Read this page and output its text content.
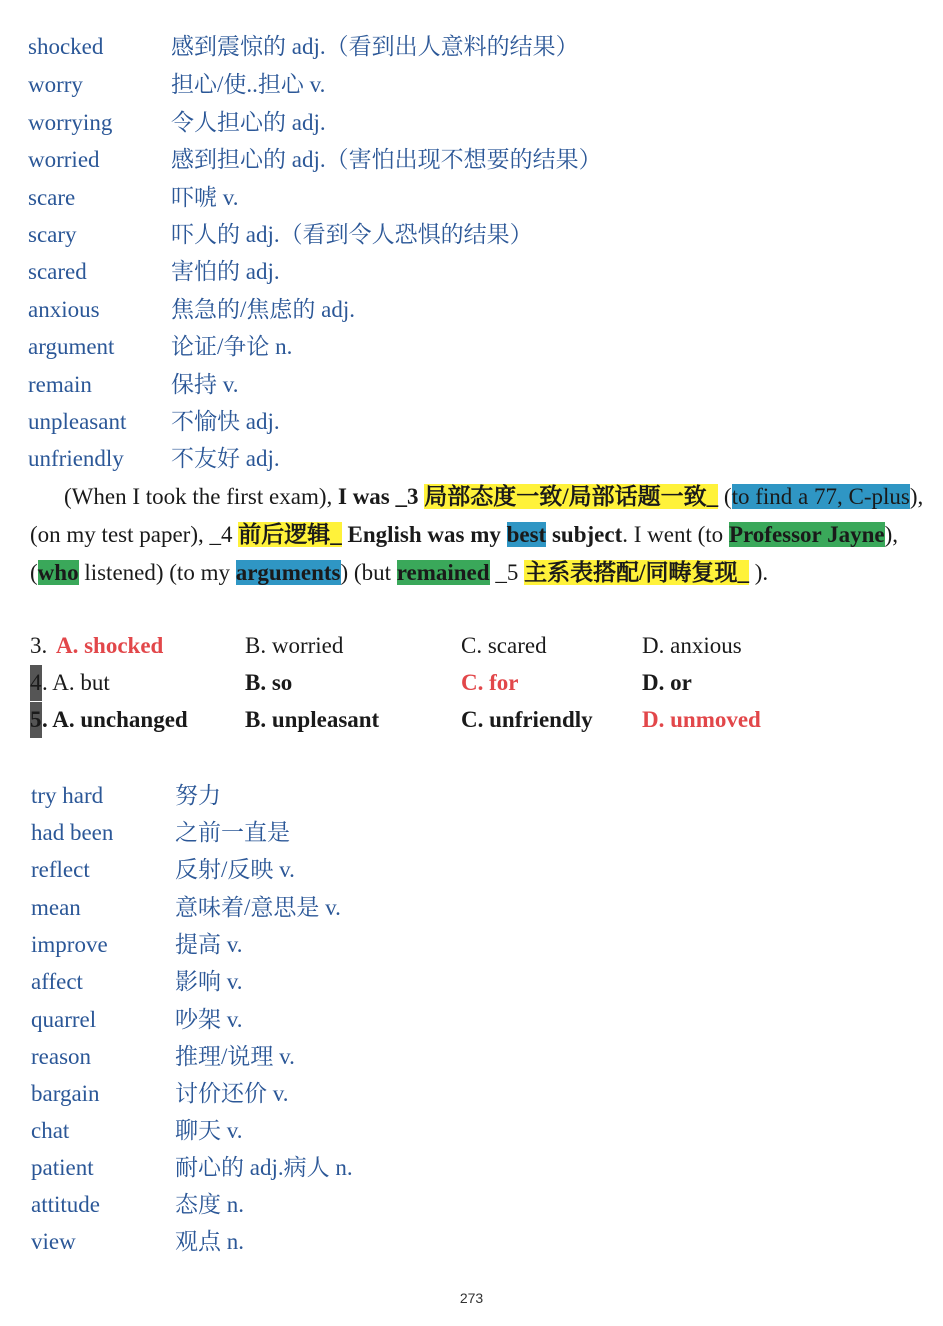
shocked	感到震惊的 adj.（看到出人意料的结果）
worry	担心/使..担心 v.
worrying	令人担心的 adj.
worried	感到担心的 adj.（害怕出现不想要的结果）
scare	吓唬 v.
scary	吓人的 adj.（看到令人恐惧的结果）
scared	害怕的 adj.
anxious	焦急的/焦虑的 adj.
argument 论证/争论 n.
remain	保持 v.
unpleasant 不愉快 adj.
unfriendly 不友好 adj.
(When I took the first exam), I was _3 局部态度一致/局部话题一致_ (to find a 77, C-plus), (on my test paper), _4 前后逻辑_ English was my best subject. I went (to Professor Jayne), (who listened) (to my arguments) (but remained _5 主系表搭配/同畴复现_ ).
3. A. shocked	B. worried	C. scared	D. anxious
4 . A. but	B. so	C. for	D. or
5 . A. unchanged B. unpleasant	C. unfriendly D. unmoved
try hard	努力
had been	之前一直是
reflect	反射/反映 v.
mean	意味着/意思是 v.
improve	提高 v.
affect	影响 v.
quarrel	吵架 v.
reason	推理/说理 v.
bargain	讨价还价 v.
chat	聊天 v.
patient	耐心的 adj.病人 n.
attitude	态度 n.
view	观点 n.
273
